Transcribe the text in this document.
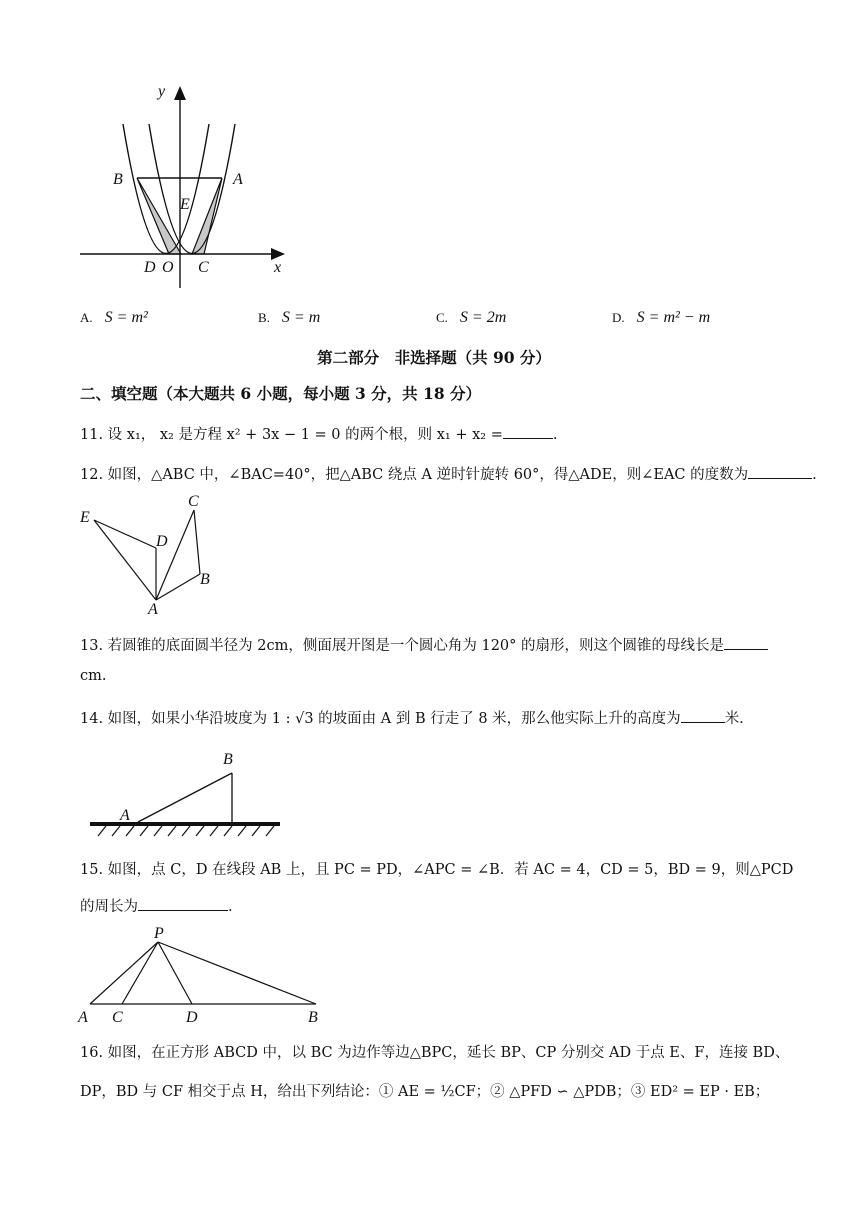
y
x
B	A
E
D O C
A. S = m²	B. S = m	C. S = 2m	D. S = m² − m
第二部分　非选择题（共 90 分）
二、填空题（本大题共 6 小题，每小题 3 分，共 18 分）
11. 设 x₁， x₂ 是方程 x² + 3x − 1 = 0 的两个根，则 x₁ + x₂ =	.
12. 如图，△ABC 中，∠BAC=40°，把△ABC 绕点 A 逆时针旋转 60°，得△ADE，则∠EAC 的度数为	.
E
C
D
B
A
13. 若圆锥的底面圆半径为 2cm，侧面展开图是一个圆心角为 120° 的扇形，则这个圆锥的母线长是
cm.
14. 如图，如果小华沿坡度为 1 : √3 的坡面由 A 到 B 行走了 8 米，那么他实际上升的高度为	米.
A
B
15. 如图，点 C，D 在线段 AB 上，且 PC = PD，∠APC = ∠B．若 AC = 4，CD = 5，BD = 9，则△PCD
的周长为	.
P
A C	D	B
16. 如图，在正方形 ABCD 中，以 BC 为边作等边△BPC，延长 BP、CP 分别交 AD 于点 E、F，连接 BD、
DP，BD 与 CF 相交于点 H，给出下列结论：① AE = ½CF；② △PFD ∽ △PDB；③ ED² = EP · EB；
